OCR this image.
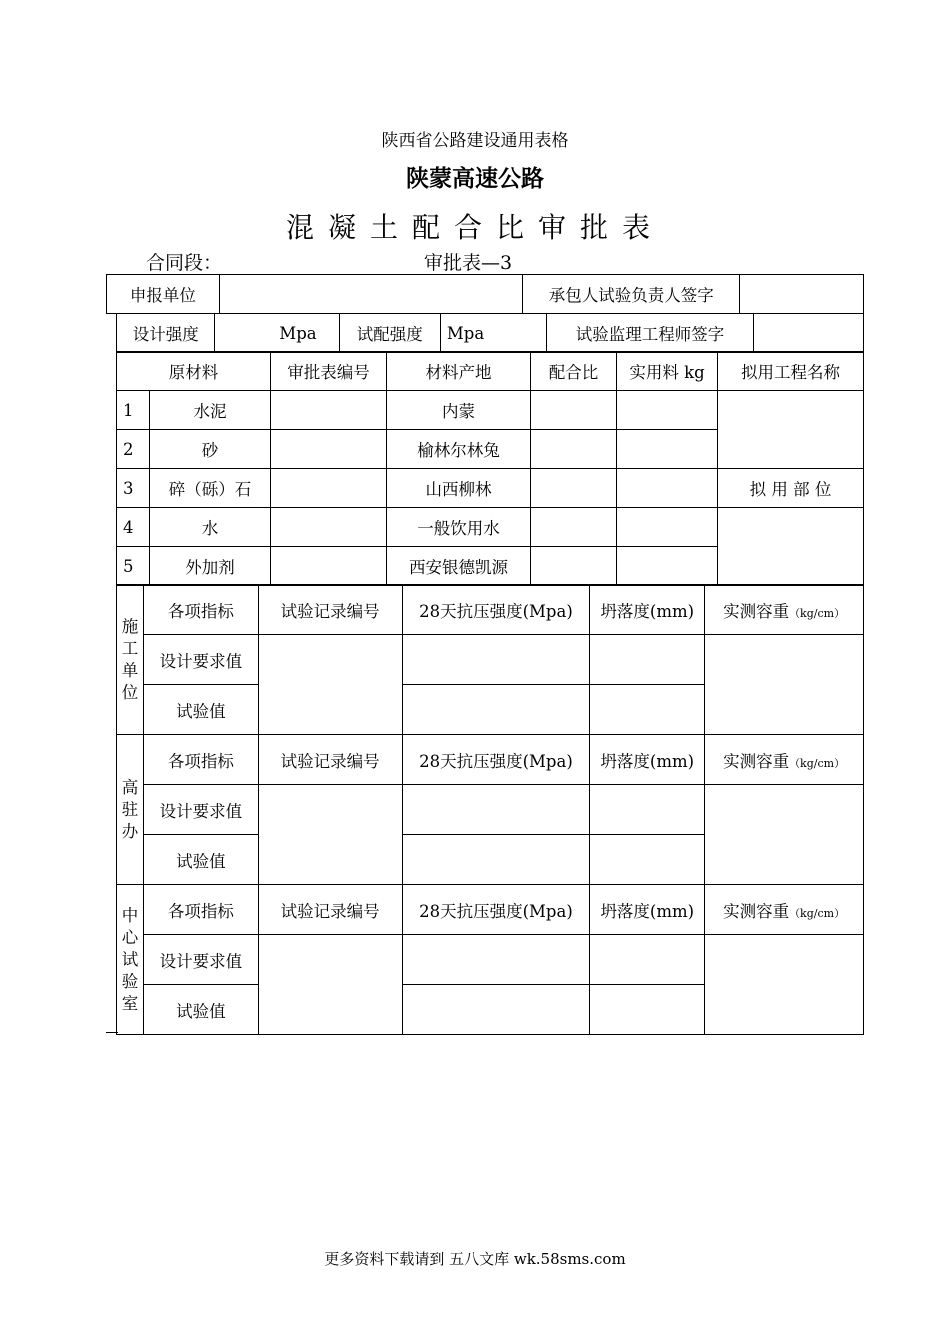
陕西省公路建设通用表格
陕蒙高速公路
混凝土配合比审批表
合同段：	审批表—3
申报单位		承包人试验负责人签字	
设计强度	Mpa	试配强度	Mpa	试验监理工程师签字	
原材料		审批表编号	材料产地	配合比	实用料 kg	拟用工程名称
1	水泥		内蒙			
2	砂		榆林尔林兔			
3	碎（砾）石		山西柳林			拟 用 部 位
4	水		一般饮用水			
5	外加剂		西安银德凯源			
施工单位	各项指标	试验记录编号	28天抗压强度(Mpa)	坍落度(mm)	实测容重（kg/cm）
	设计要求值				
	试验值				
高驻办	各项指标	试验记录编号	28天抗压强度(Mpa)	坍落度(mm)	实测容重（kg/cm）
	设计要求值				
	试验值				
中心试验室	各项指标	试验记录编号	28天抗压强度(Mpa)	坍落度(mm)	实测容重（kg/cm）
	设计要求值				
	试验值				
更多资料下载请到 五八文库 wk.58sms.com
